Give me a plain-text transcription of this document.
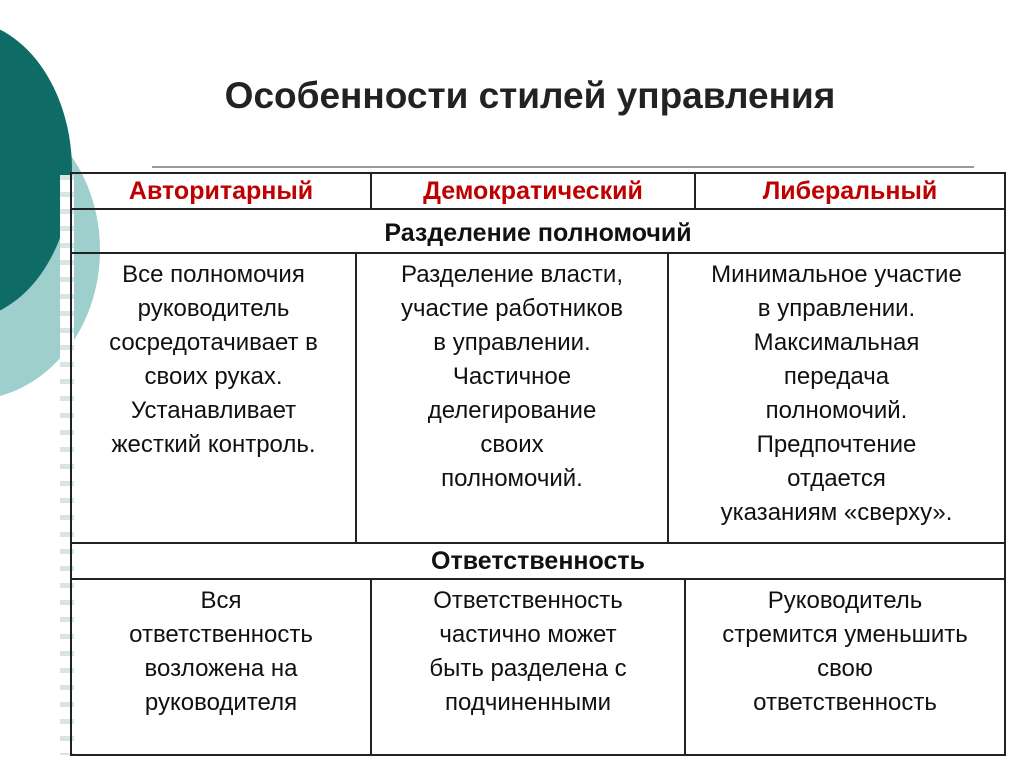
Особенности стилей управления
Авторитарный	Демократический	Либеральный
Разделение полномочий
Все полномочия
руководитель
сосредотачивает в
своих руках.
Устанавливает
жесткий контроль.
Разделение власти,
участие работников
в управлении.
Частичное
делегирование
своих
полномочий.
Минимальное участие
в управлении.
Максимальная
передача
полномочий.
Предпочтение
отдается
указаниям «сверху».
Ответственность
Вся
ответственность
возложена на
руководителя
Ответственность
частично может
быть разделена с
подчиненными
Руководитель
стремится уменьшить
свою
ответственность
